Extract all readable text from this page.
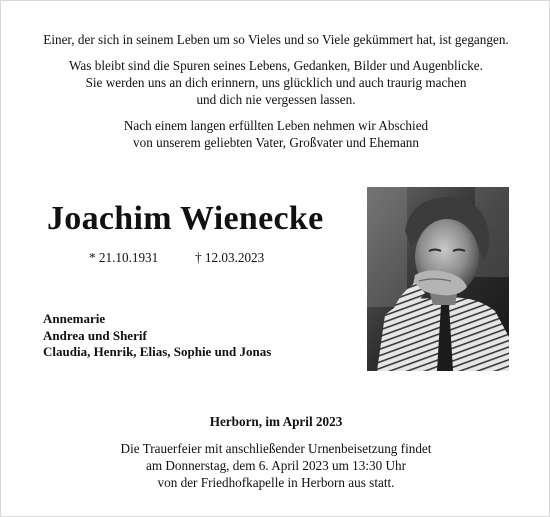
Einer, der sich in seinem Leben um so Vieles und so Viele gekümmert hat, ist gegangen.
Was bleibt sind die Spuren seines Lebens, Gedanken, Bilder und Augenblicke.
Sie werden uns an dich erinnern, uns glücklich und auch traurig machen
und dich nie vergessen lassen.
Nach einem langen erfüllten Leben nehmen wir Abschied
von unserem geliebten Vater, Großvater und Ehemann
Joachim Wienecke
* 21.10.1931	† 12.03.2023
Annemarie
Andrea und Sherif
Claudia, Henrik, Elias, Sophie und Jonas
Herborn, im April 2023
Die Trauerfeier mit anschließender Urnenbeisetzung findet
am Donnerstag, dem 6. April 2023 um 13:30 Uhr
von der Friedhofkapelle in Herborn aus statt.
